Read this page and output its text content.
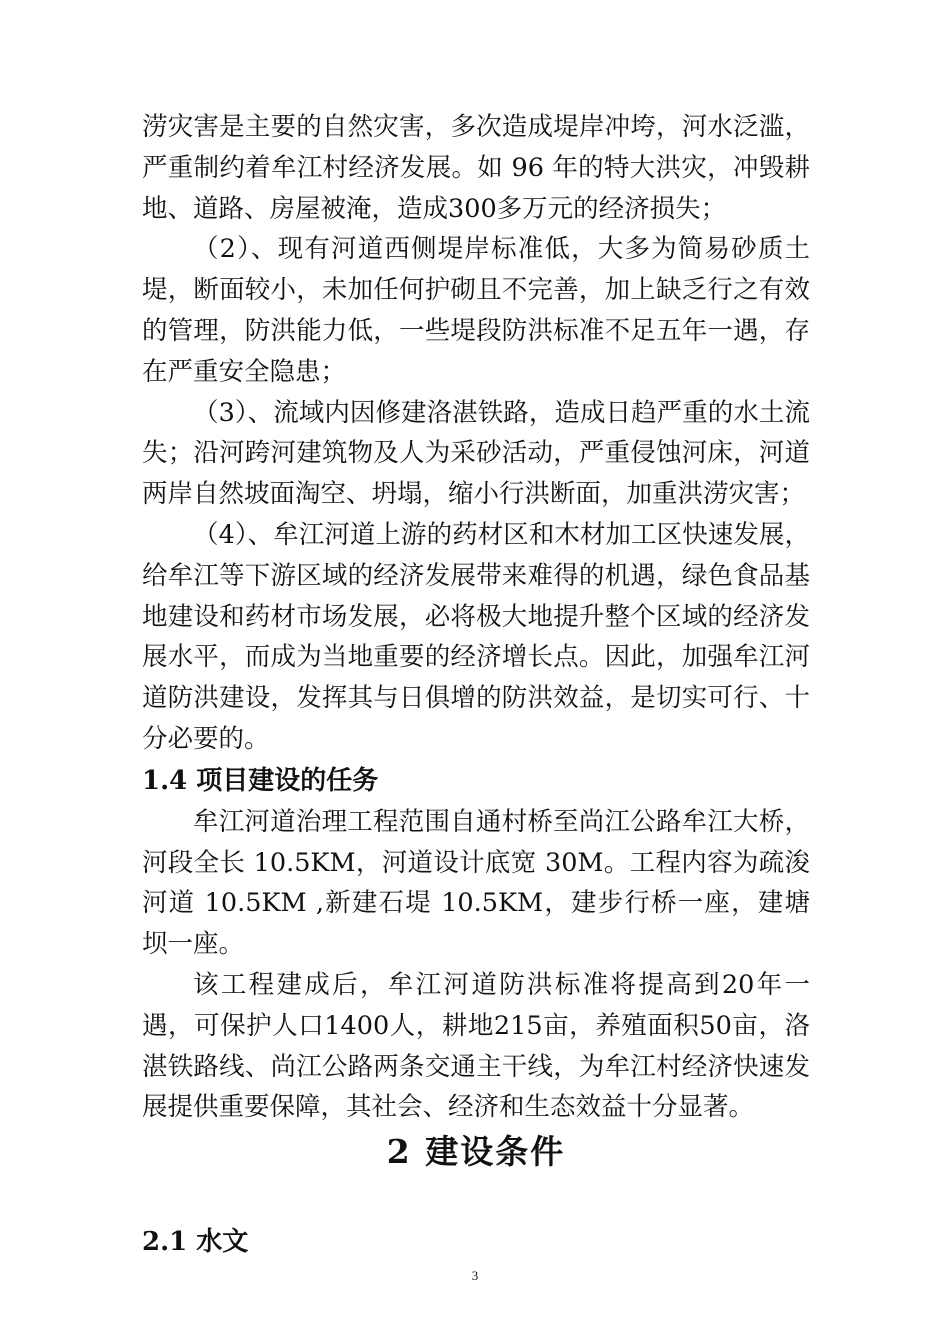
涝灾害是主要的自然灾害，多次造成堤岸冲垮，河水泛滥，严重制约着牟江村经济发展。如 96 年的特大洪灾，冲毁耕地、道路、房屋被淹，造成300多万元的经济损失；

（2）、现有河道西侧堤岸标准低，大多为简易砂质土堤，断面较小，未加任何护砌且不完善，加上缺乏行之有效的管理，防洪能力低，一些堤段防洪标准不足五年一遇，存在严重安全隐患；

（3）、流域内因修建洛湛铁路，造成日趋严重的水土流失；沿河跨河建筑物及人为采砂活动，严重侵蚀河床，河道两岸自然坡面淘空、坍塌，缩小行洪断面，加重洪涝灾害；

（4）、牟江河道上游的药材区和木材加工区快速发展，给牟江等下游区域的经济发展带来难得的机遇，绿色食品基地建设和药材市场发展，必将极大地提升整个区域的经济发展水平，而成为当地重要的经济增长点。因此，加强牟江河道防洪建设，发挥其与日俱增的防洪效益，是切实可行、十分必要的。

1.4 项目建设的任务

牟江河道治理工程范围自通村桥至尚江公路牟江大桥，河段全长 10.5KM，河道设计底宽 30M。工程内容为疏浚河道 10.5KM ,新建石堤 10.5KM，建步行桥一座，建塘坝一座。

该工程建成后，牟江河道防洪标准将提高到20年一遇，可保护人口1400人，耕地215亩，养殖面积50亩，洛湛铁路线、尚江公路两条交通主干线，为牟江村经济快速发展提供重要保障，其社会、经济和生态效益十分显著。

2 建设条件
2.1 水文
3
